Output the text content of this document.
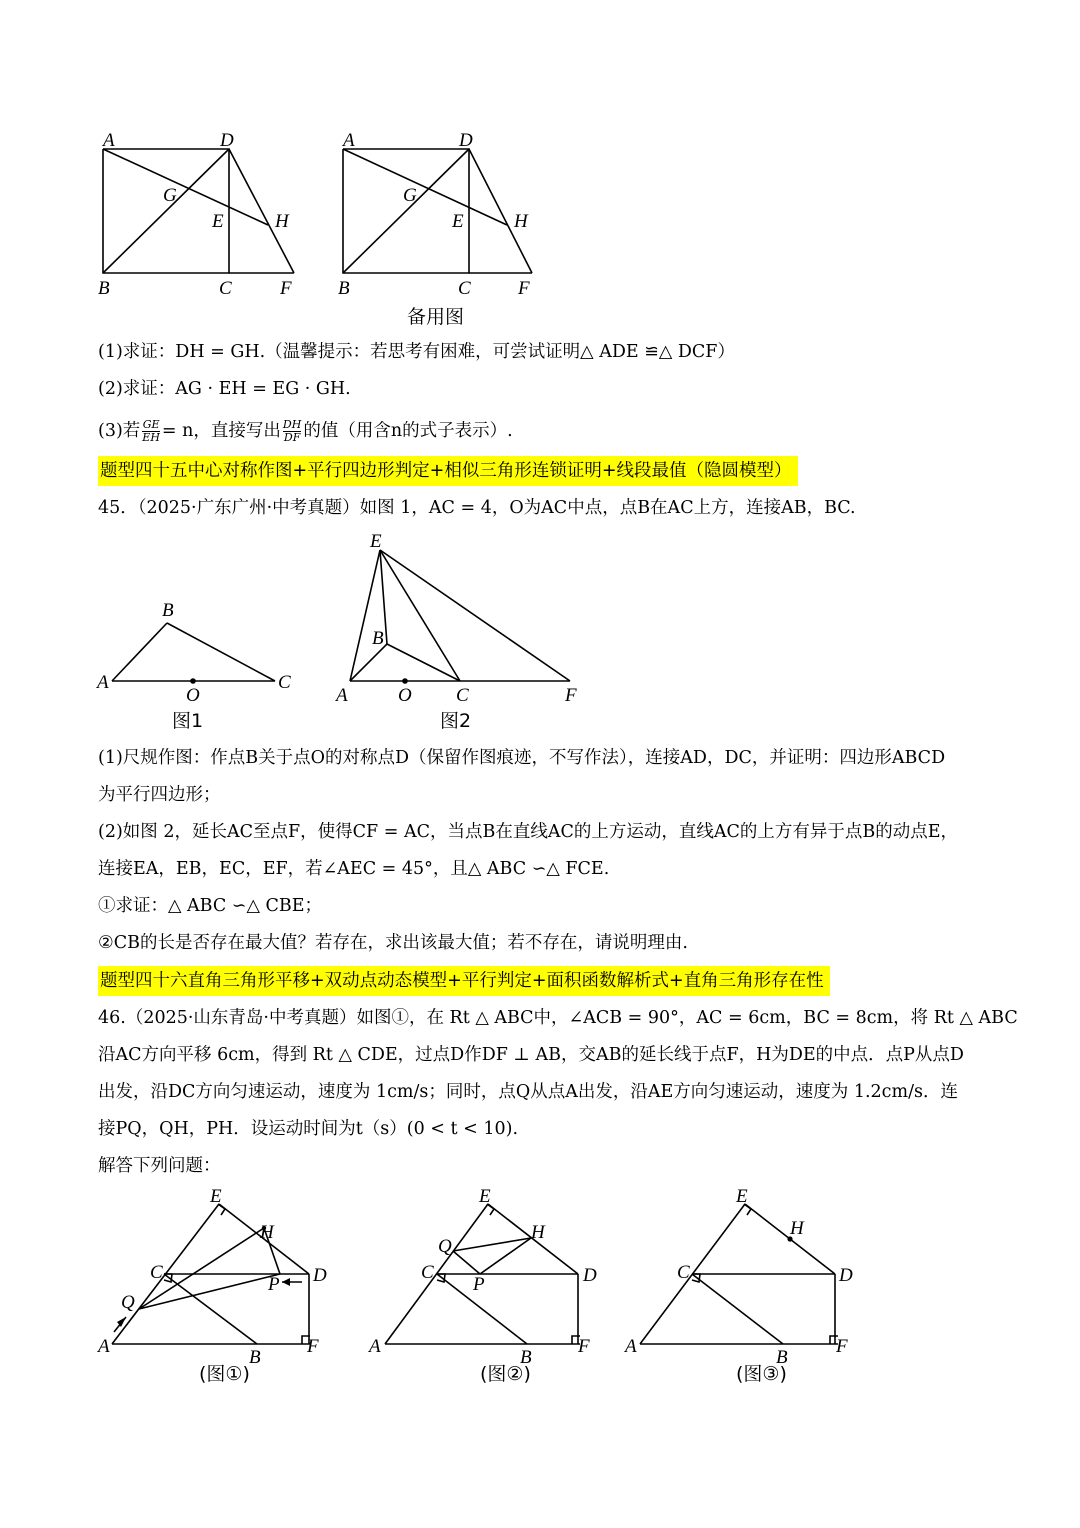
A	D
G
E	H
B	C	F
A	D
G
E	H
B	C F
备用图
(1)求证：DH = GH.（温馨提示：若思考有困难，可尝试证明△ ADE ≌△ DCF）
(2)求证：AG · EH = EG · GH.
(3)若 $\frac{GE}{EH} = n$，直接写出 $\frac{DH}{DF}$ 的值（用含n的式子表示）.
题型四十五中心对称作图+平行四边形判定+相似三角形连锁证明+线段最值（隐圆模型）
45．（2025·广东广州·中考真题）如图 1，AC = 4，O为AC中点，点B在AC上方，连接AB，BC.
B
A
O
C
图1
E
B
A	O C	F
图2
(1)尺规作图：作点B关于点O的对称点D（保留作图痕迹，不写作法），连接AD，DC，并证明：四边形ABCD
为平行四边形；
(2)如图 2，延长AC至点F，使得CF = AC，当点B在直线AC的上方运动，直线AC的上方有异于点B的动点E，
连接EA，EB，EC，EF，若∠AEC = 45°，且△ ABC ∽△ FCE.
①求证：△ ABC ∽△ CBE；
②CB的长是否存在最大值？若存在，求出该最大值；若不存在，请说明理由.
题型四十六直角三角形平移+双动点动态模型+平行判定+面积函数解析式+直角三角形存在性
46.（2025·山东青岛·中考真题）如图①，在 Rt △ ABC中，∠ACB = 90°，AC = 6cm，BC = 8cm，将 Rt △ ABC
沿AC方向平移 6cm，得到 Rt △ CDE，过点D作DF ⊥ AB，交AB的延长线于点F，H为DE的中点．点P从点D
出发，沿DC方向匀速运动，速度为 1cm/s；同时，点Q从点A出发，沿AE方向匀速运动，速度为 1.2cm/s．连
接PQ，QH，PH．设运动时间为t（s）(0 < t < 10).
解答下列问题：
E
H
C
P D
Q
A
B
F
(图①)
E
H
Q
C
P	D
A
B
F
(图②)
E
H
C	D
A
B
F
(图③)
